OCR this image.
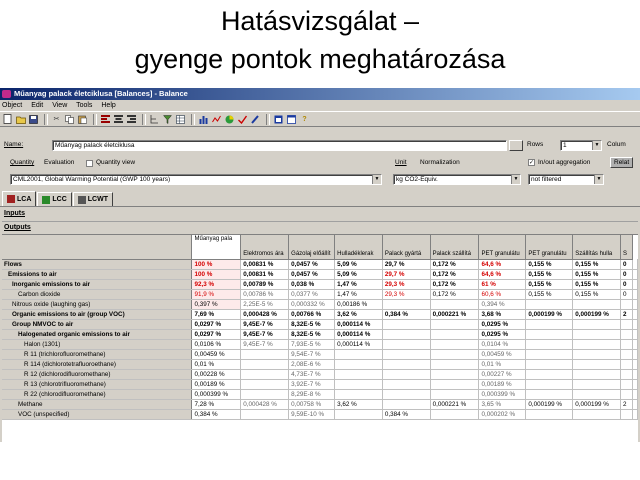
Hatásvizsgálat –
gyenge pontok meghatározása
Műanyag palack életciklusa [Balances] - Balance
Object Edit View Tools Help
✂	?
Name:	Műanyag palack életciklusa	Rows	1	▼ Colum
Quantity Evaluation	Quantity view	Unit Normalization	✓ In/out aggregation	Relat
CML2001, Global Warming Potential (GWP 100 years)	▼	kg CO2-Equiv.	▼	not filtered	▼
LCA	LCC	LCWT
Inputs
Outputs
	Műanyag pala	Elektromos ára	Gázolaj előállít	Hulladéklerak	Palack gyártá	Palack szállítá	PET granulátu	PET granulátu	Szállítás hulla	S	
Flows	100 %	0,00831 %	0,0457 %	5,09 %	29,7 %	0,172 %	64,6 %	0,155 %	0,155 %	0	
Emissions to air	100 %	0,00831 %	0,0457 %	5,09 %	29,7 %	0,172 %	64,6 %	0,155 %	0,155 %	0	
Inorganic emissions to air	92,3 %	0,00789 %	0,038 %	1,47 %	29,3 %	0,172 %	61 %	0,155 %	0,155 %	0	
Carbon dioxide	91,9 %	0,00786 %	0,0377 %	1,47 %	29,3 %	0,172 %	60,6 %	0,155 %	0,155 %	0	
Nitrous oxide (laughing gas)	0,397 %	2,25E-5 %	0,000332 %	0,00186 %			0,394 %				
Organic emissions to air (group VOC)	7,69 %	0,000428 %	0,00766 %	3,62 %	0,384 %	0,000221 %	3,68 %	0,000199 %	0,000199 %	2	
Group NMVOC to air	0,0297 %	9,45E-7 %	8,32E-5 %	0,000114 %			0,0295 %				
Halogenated organic emissions to air	0,0297 %	9,45E-7 %	8,32E-5 %	0,000114 %			0,0295 %				
Halon (1301)	0,0106 %	9,45E-7 %	7,93E-5 %	0,000114 %			0,0104 %				
R 11 (trichlorofluoromethane)	0,00459 %		9,54E-7 %				0,00459 %				
R 114 (dichlorotetrafluoroethane)	0,01 %		2,08E-6 %				0,01 %				
R 12 (dichlorodifluoromethane)	0,00228 %		4,73E-7 %				0,00227 %				
R 13 (chlorotrifluoromethane)	0,00189 %		3,92E-7 %				0,00189 %				
R 22 (chlorodifluoromethane)	0,000399 %		8,29E-8 %				0,000399 %				
Methane	7,28 %	0,000428 %	0,00758 %	3,62 %		0,000221 %	3,65 %	0,000199 %	0,000199 %	2	
VOC (unspecified)	0,384 %		9,59E-10 %		0,384 %		0,000202 %				
